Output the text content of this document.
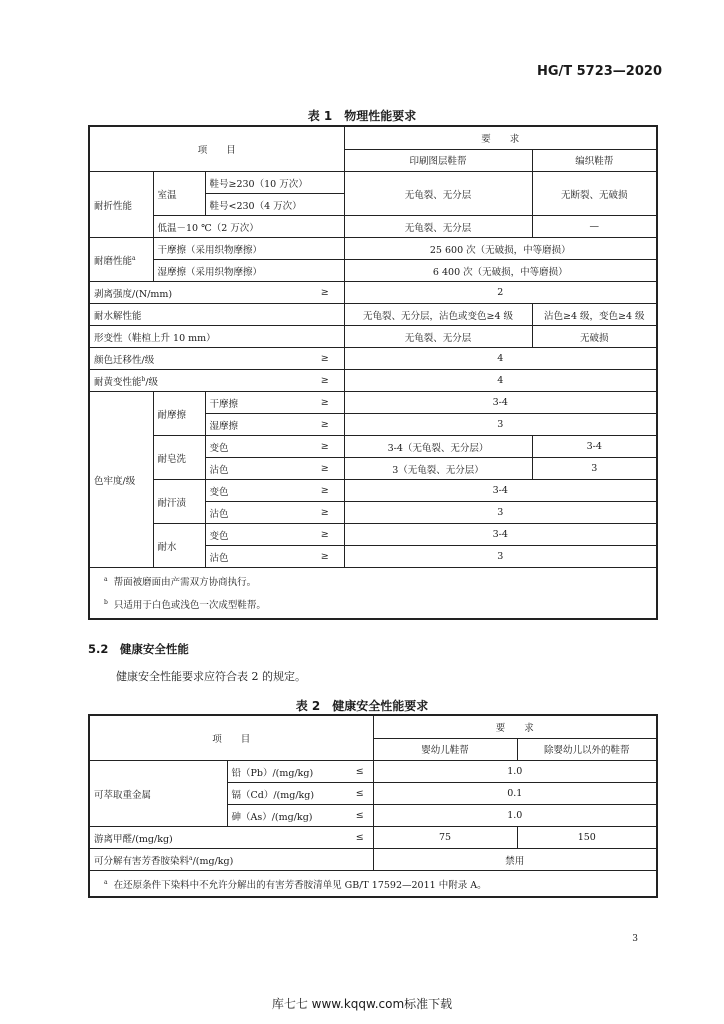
HG/T 5723—2020
表 1　物理性能要求
项　　目				要　　求	
				印刷图层鞋帮	编织鞋帮
耐折性能	室温	鞋号≥230（10 万次）		无龟裂、无分层	无断裂、无破损
		鞋号<230（4 万次）			
	低温－10 ℃（2 万次）			无龟裂、无分层	—
耐磨性能$^a$	干摩擦（采用织物摩擦）			25 600 次（无破损，中等磨损）	
	湿摩擦（采用织物摩擦）			6 400 次（无破损，中等磨损）	
剥离强度/(N/mm)			≥	2	
耐水解性能				无龟裂、无分层，沾色或变色≥4 级	沾色≥4 级，变色≥4 级
形变性（鞋楦上升 10 mm）				无龟裂、无分层	无破损
颜色迁移性/级			≥	4	
耐黄变性能$^b$/级			≥	4	
色牢度/级	耐摩擦	干摩擦	≥	3-4	
		湿摩擦	≥	3	
	耐皂洗	变色	≥	3-4（无龟裂、无分层）	3-4
		沾色	≥	3（无龟裂、无分层）	3
	耐汗渍	变色	≥	3-4	
		沾色	≥	3	
	耐水	变色	≥	3-4	
		沾色	≥	3	

$^a$ 帮面被磨面由产需双方协商执行。
$^b$ 只适用于白色或浅色一次成型鞋帮。					
5.2　健康安全性能
健康安全性能要求应符合表 2 的规定。
表 2　健康安全性能要求
项　　目			要　　求	
			婴幼儿鞋帮	除婴幼儿以外的鞋帮
可萃取重金属	铅（Pb）/(mg/kg)	≤	1.0	
	镉（Cd）/(mg/kg)	≤	0.1	
	砷（As）/(mg/kg)	≤	1.0	
游离甲醛/(mg/kg)		≤	75	150
可分解有害芳香胺染料$^a$/(mg/kg)			禁用	
$^a$ 在还原条件下染料中不允许分解出的有害芳香胺清单见 GB/T 17592—2011 中附录 A。				
3
库七七 www.kqqw.com标准下载
